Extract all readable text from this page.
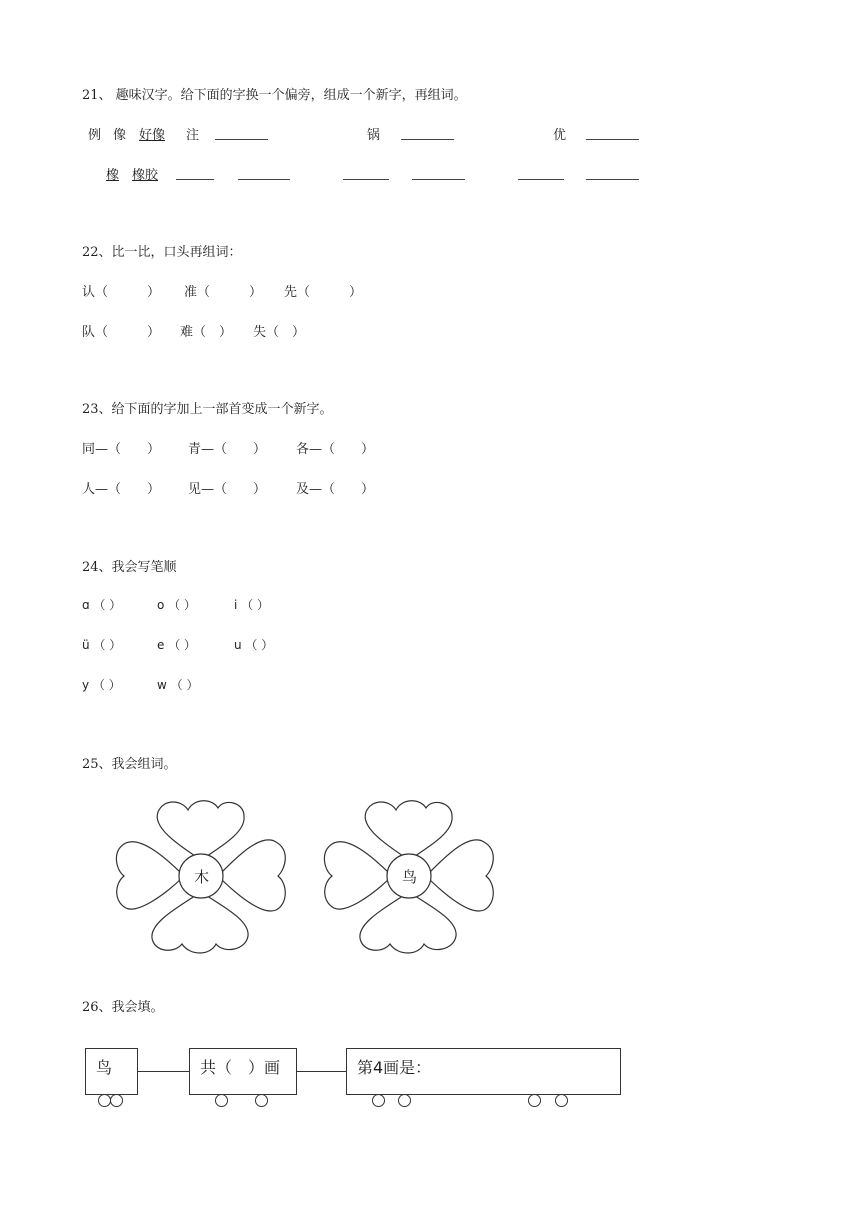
21、 趣味汉字。给下面的字换一个偏旁，组成一个新字，再组词。
例 像 好像 注	锅	优
橡 橡胶
22、比一比，口头再组词：
认（　　　） 准（　　　） 先（　　　）
队（　　　） 难（　） 失（　）
23、给下面的字加上一部首变成一个新字。
同—（　　） 青—（　　） 各—（　　）
人—（　　） 见—（　　） 及—（　　）
24、我会写笔顺
ɑ （ ）	o （ ）	i （ ）
ü （ ）	e （ ）	u （ ）
y （ ）	w （ ）
25、我会组词。
木	鸟
26、我会填。
鸟	共（　）画	第4画是：
